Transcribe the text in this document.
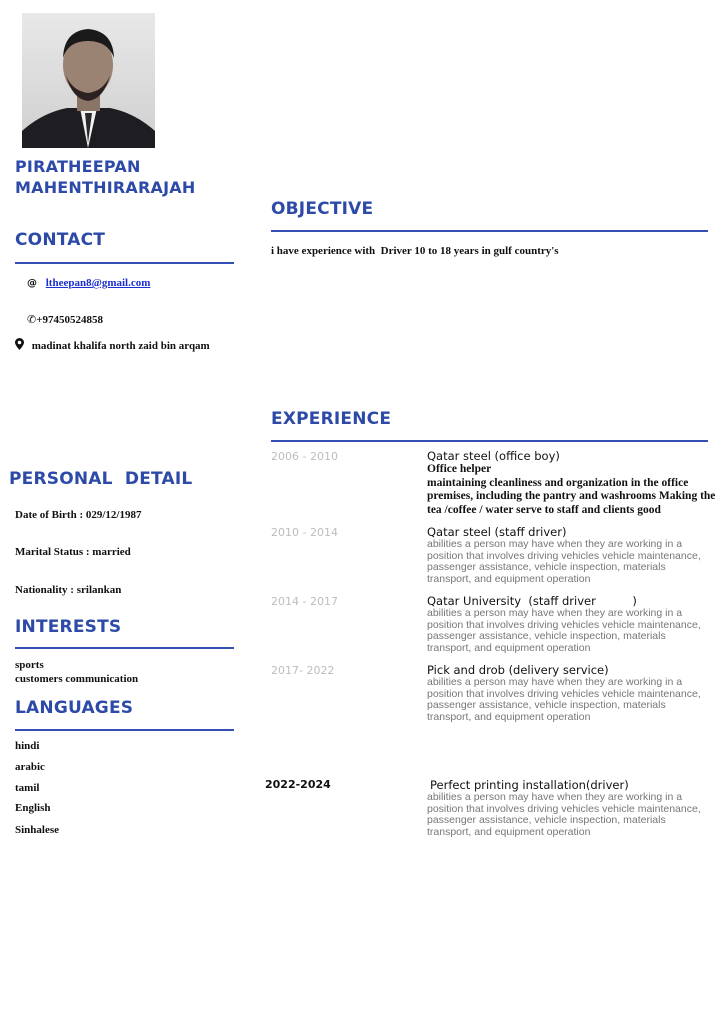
PIRATHEEPAN
MAHENTHIRARAJAH
CONTACT
@ ltheepan8@gmail.com
✆+97450524858
madinat khalifa north zaid bin arqam
PERSONAL  DETAIL
Date of Birth : 029/12/1987
Marital Status : married
Nationality : srilankan
INTERESTS
sports
customers communication
LANGUAGES
hindi
arabic
tamil
English
Sinhalese
OBJECTIVE
i have experience with  Driver 10 to 18 years in gulf country's
EXPERIENCE
2006 - 2010	Qatar steel (office boy)
Office helper
maintaining cleanliness and organization in the office premises, including the pantry and washrooms Making the tea /coffee / water serve to staff and clients good
2010 - 2014	Qatar steel (staff driver)
abilities a person may have when they are working in a position that involves driving vehicles vehicle maintenance, passenger assistance, vehicle inspection, materials transport, and equipment operation
2014 - 2017	Qatar University  (staff driver          )
abilities a person may have when they are working in a position that involves driving vehicles vehicle maintenance, passenger assistance, vehicle inspection, materials transport, and equipment operation
2017- 2022	Pick and drob (delivery service)
abilities a person may have when they are working in a position that involves driving vehicles vehicle maintenance, passenger assistance, vehicle inspection, materials transport, and equipment operation
2022-2024	Perfect printing installation(driver)
abilities a person may have when they are working in a position that involves driving vehicles vehicle maintenance, passenger assistance, vehicle inspection, materials transport, and equipment operation
